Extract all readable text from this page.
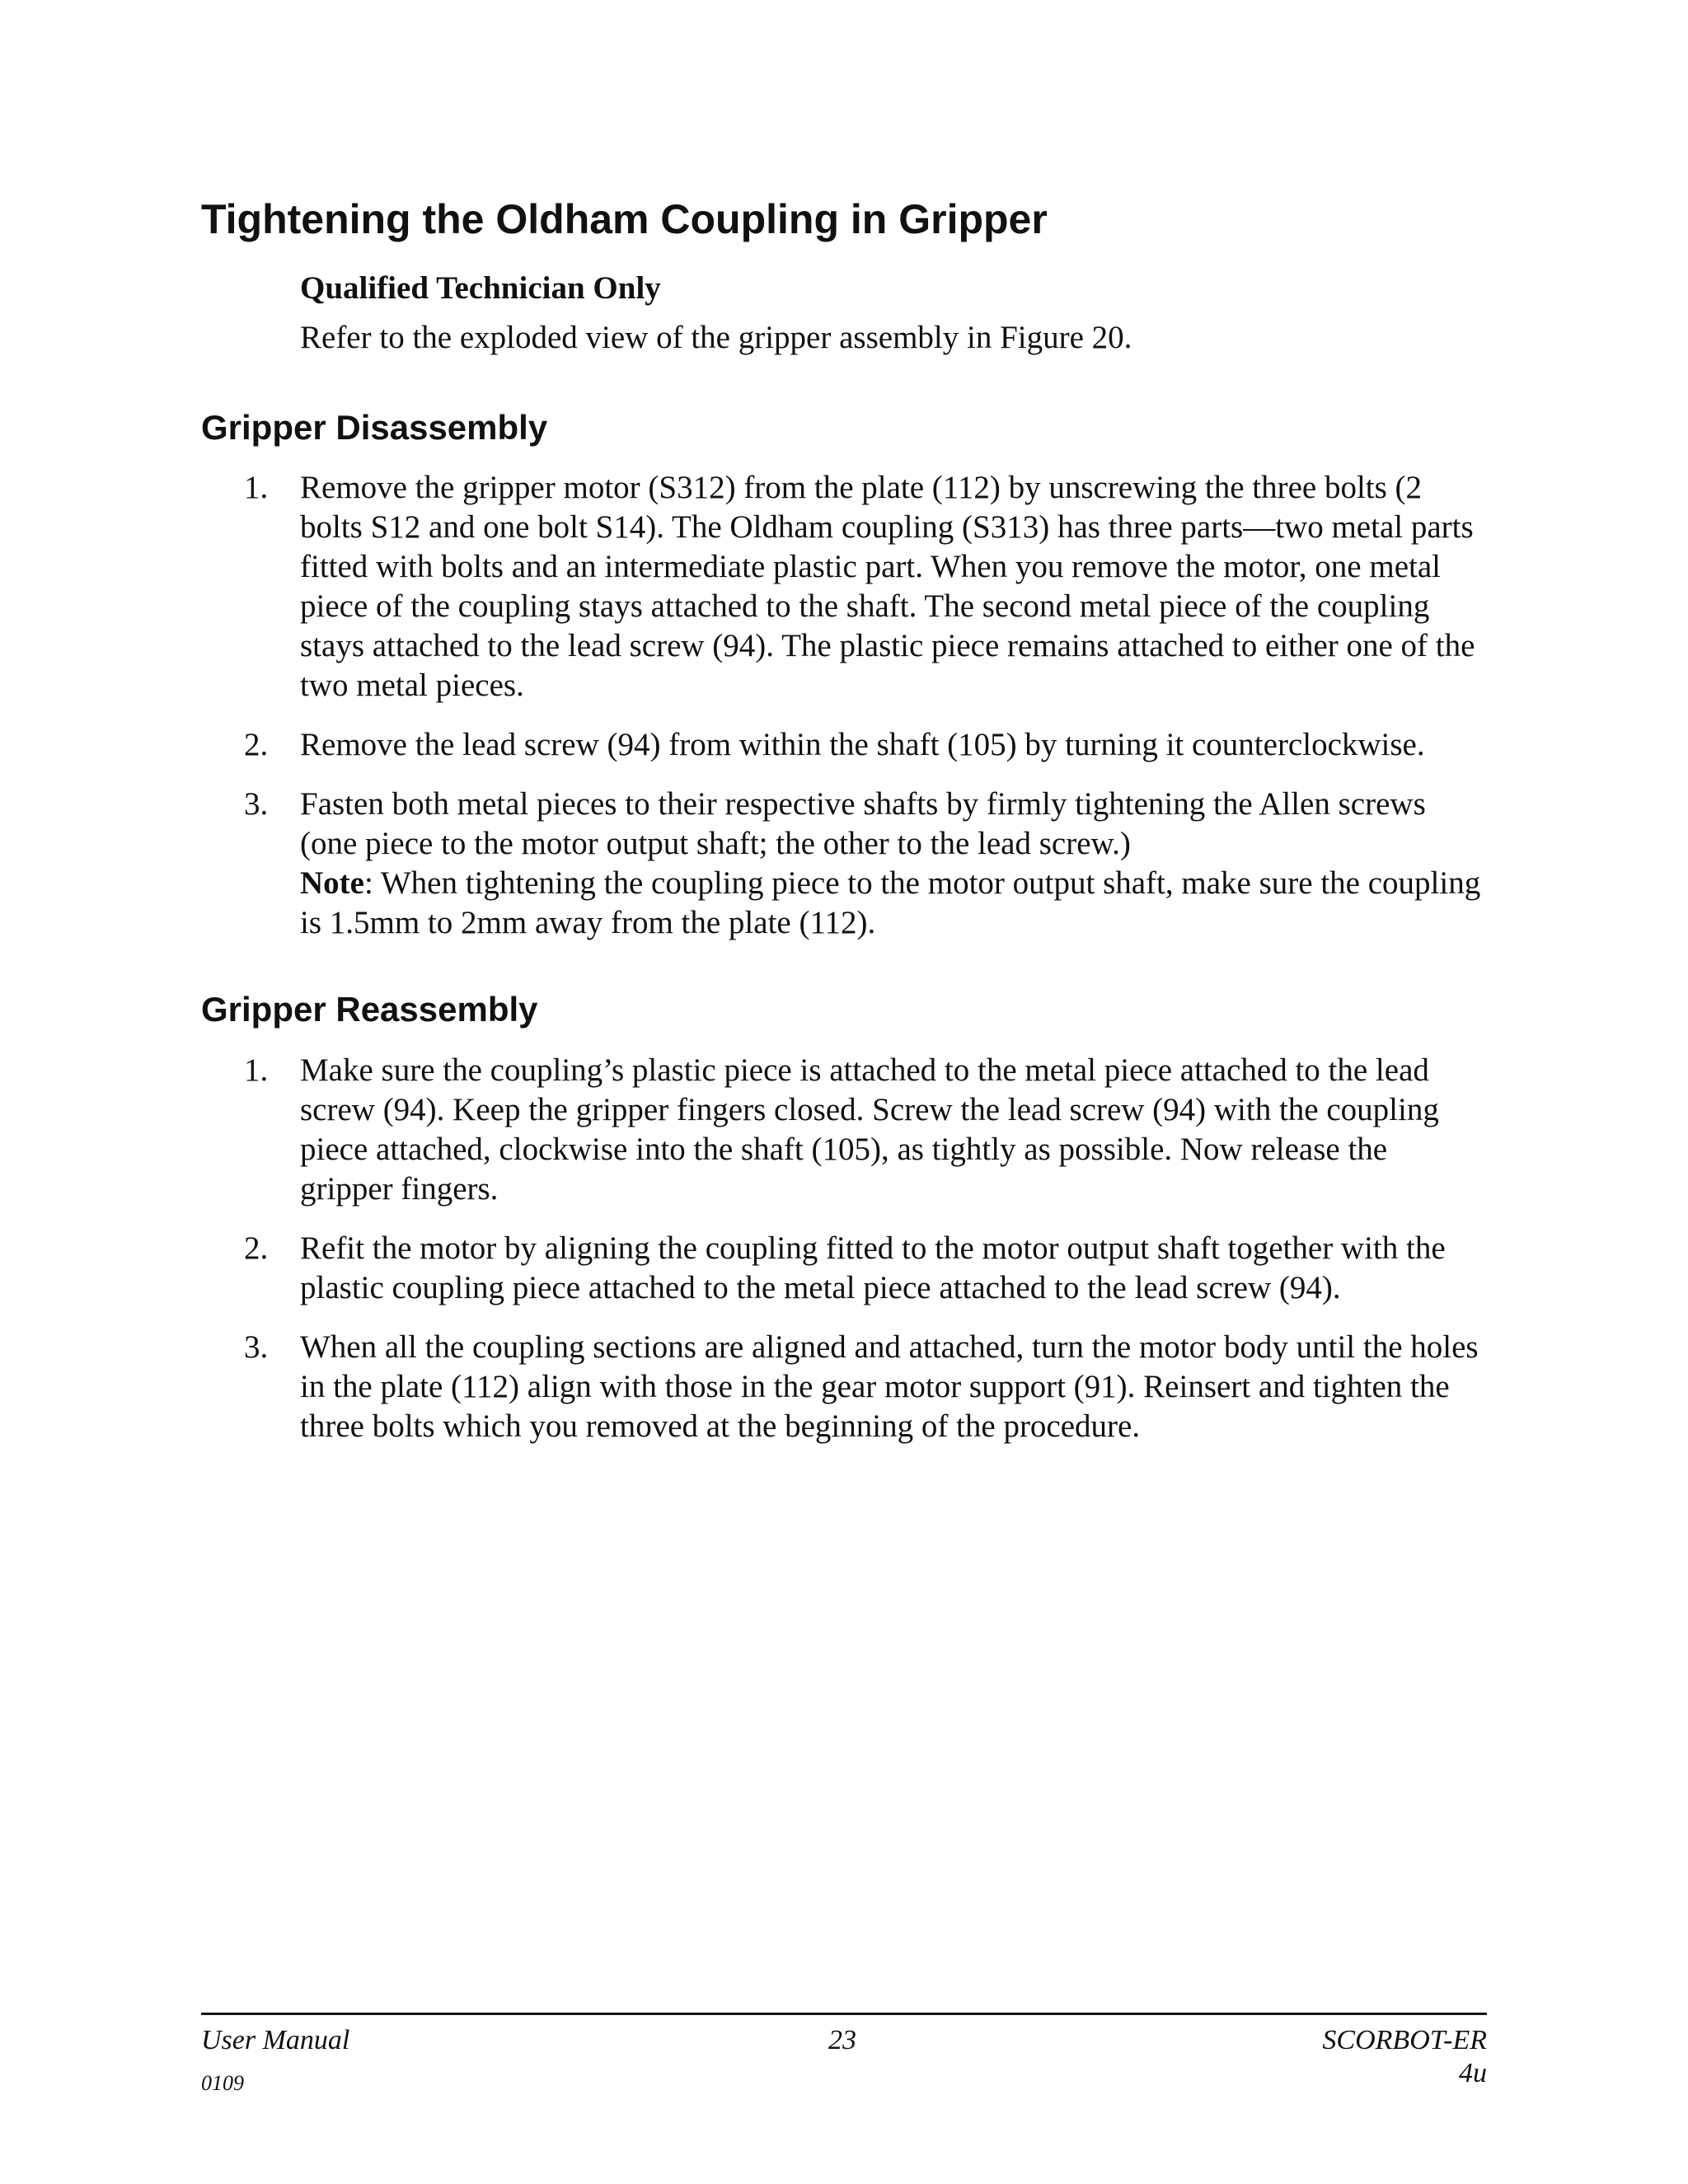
Tightening the Oldham Coupling in Gripper

Qualified Technician Only

Refer to the exploded view of the gripper assembly in Figure 20.

Gripper Disassembly
1. Remove the gripper motor (S312) from the plate (112) by unscrewing the three bolts (2 bolts S12 and one bolt S14). The Oldham coupling (S313) has three parts—two metal parts fitted with bolts and an intermediate plastic part. When you remove the motor, one metal piece of the coupling stays attached to the shaft. The second metal piece of the coupling stays attached to the lead screw (94). The plastic piece remains attached to either one of the two metal pieces.
2. Remove the lead screw (94) from within the shaft (105) by turning it counterclockwise.
3. Fasten both metal pieces to their respective shafts by firmly tightening the Allen screws (one piece to the motor output shaft; the other to the lead screw.)
Note: When tightening the coupling piece to the motor output shaft, make sure the coupling is 1.5mm to 2mm away from the plate (112).
Gripper Reassembly
1. Make sure the coupling’s plastic piece is attached to the metal piece attached to the lead screw (94). Keep the gripper fingers closed. Screw the lead screw (94) with the coupling piece attached, clockwise into the shaft (105), as tightly as possible. Now release the gripper fingers.
2. Refit the motor by aligning the coupling fitted to the motor output shaft together with the plastic coupling piece attached to the metal piece attached to the lead screw (94).
3. When all the coupling sections are aligned and attached, turn the motor body until the holes in the plate (112) align with those in the gear motor support (91). Reinsert and tighten the three bolts which you removed at the beginning of the procedure.
User Manual	23	SCORBOT-ER 4u
0109
